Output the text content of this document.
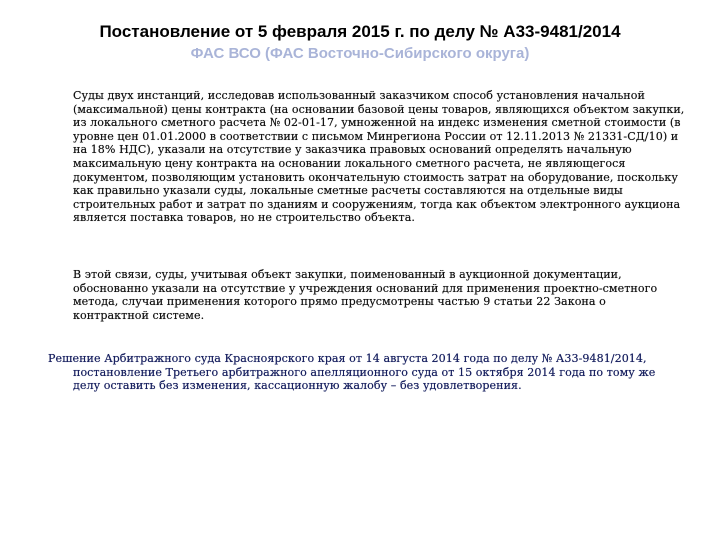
Постановление от 5 февраля 2015 г. по делу № А33-9481/2014
ФАС ВСО (ФАС Восточно-Сибирского округа)

Суды двух инстанций, исследовав использованный заказчиком способ установления начальной (максимальной) цены контракта (на основании базовой цены товаров, являющихся объектом закупки, из локального сметного расчета № 02-01-17, умноженной на индекс изменения сметной стоимости (в уровне цен 01.01.2000 в соответствии с письмом Минрегиона России от 12.11.2013 № 21331-СД/10) и на 18% НДС), указали на отсутствие у заказчика правовых оснований определять начальную максимальную цену контракта на основании локального сметного расчета, не являющегося документом, позволяющим установить окончательную стоимость затрат на оборудование, поскольку как правильно указали суды, локальные сметные расчеты составляются на отдельные виды строительных работ и затрат по зданиям и сооружениям, тогда как объектом электронного аукциона является поставка товаров, но не строительство объекта.

В этой связи, суды, учитывая объект закупки, поименованный в аукционной документации, обоснованно указали на отсутствие у учреждения оснований для применения проектно-сметного метода, случаи применения которого прямо предусмотрены частью 9 статьи 22 Закона о контрактной системе.

Решение Арбитражного суда Красноярского края от 14 августа 2014 года по делу № А33-9481/2014, постановление Третьего арбитражного апелляционного суда от 15 октября 2014 года по тому же делу оставить без изменения, кассационную жалобу – без удовлетворения.
